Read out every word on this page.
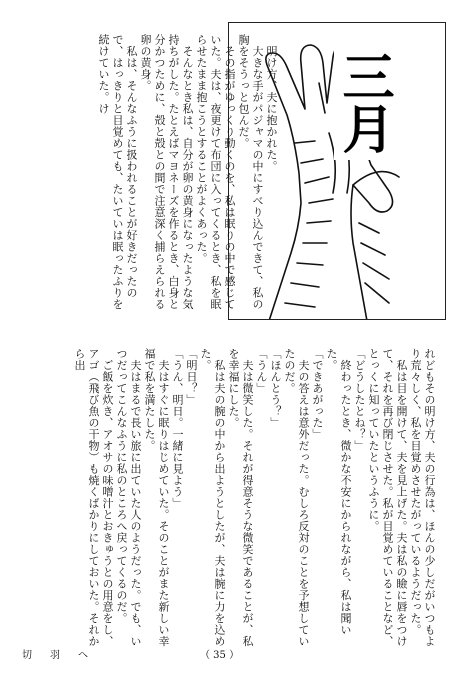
三月
　明け方、夫に抱かれた。
　大きな手がパジャマの中にすべり込んできて、私の胸をそうっと包んだ。
　その指がゆっくり動くのを、私は眠りの中で感じていた。夫は、夜更けて布団に入ってくるとき、私を眠らせたまま抱こうとすることがよくあった。
　そんなとき私は、自分が卵の黄身になったような気持ちがした。たとえばマヨネーズを作るとき、白身と分かつために、殻と殻との間で注意深く捕らえられる卵の黄身。
　私は、そんなふうに扱われることが好きだったので、はっきりと目覚めても、たいていは眠ったふりを続けていた。け
れどもその明け方、夫の行為は、ほんの少しだがいつもより荒々しく、私を目覚めさせたがっているようだった。
　私は目を開けて、夫を見上げた。夫は私の瞼に唇をつけて、それを再び閉じさせた。私が目覚めていることなど、とっくに知っていたというふうに。
「どうしたとね？」
　終わったとき、微かな不安にかられながら、私は聞いた。
「できあがった」
　夫の答えは意外だった。むしろ反対のことを予想していたのだ。
「ほんとう？」
「うん」
　夫は微笑した。それが得意そうな微笑であることが、私を幸福にした。
　私は夫の腕の中から出ようとしたが、夫は腕に力を込めた。
「明日？」
「うん、明日。一緒に見よう」
　夫はすぐに眠りはじめていた。そのことがまた新しい幸福で私を満たした。
　夫はまるで長い旅に出ていた人のようだった。でも、いつだってこんなふうに私のところへ戻ってくるのだ。
　ご飯を炊き、アオサの味噌汁とおきゅうとの用意をし、アゴ（飛び魚の干物）も焼くばかりにしておいた。それから出
切羽へ	（ 35 ）
